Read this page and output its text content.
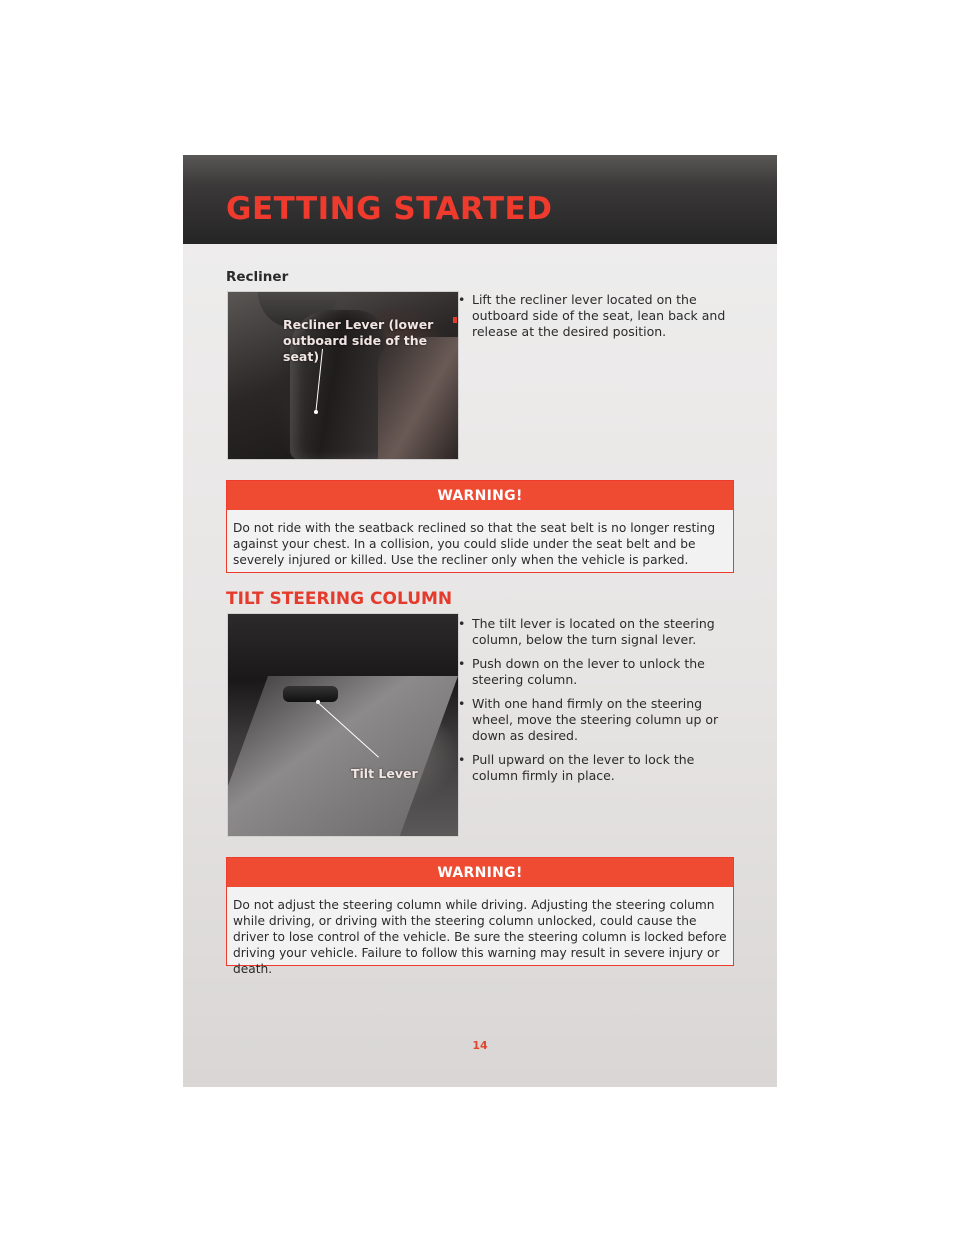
GETTING STARTED
Recliner
Recliner Lever (lower
outboard side of the seat)
• Lift the recliner lever located on the outboard side of the seat, lean back and release at the desired position.
WARNING!
Do not ride with the seatback reclined so that the seat belt is no longer resting against your chest. In a collision, you could slide under the seat belt and be severely injured or killed. Use the recliner only when the vehicle is parked.
TILT STEERING COLUMN
Tilt Lever
• The tilt lever is located on the steering column, below the turn signal lever.
• Push down on the lever to unlock the steering column.
• With one hand firmly on the steering wheel, move the steering column up or down as desired.
• Pull upward on the lever to lock the column firmly in place.
WARNING!
Do not adjust the steering column while driving. Adjusting the steering column while driving, or driving with the steering column unlocked, could cause the driver to lose control of the vehicle. Be sure the steering column is locked before driving your vehicle. Failure to follow this warning may result in severe injury or death.
14
